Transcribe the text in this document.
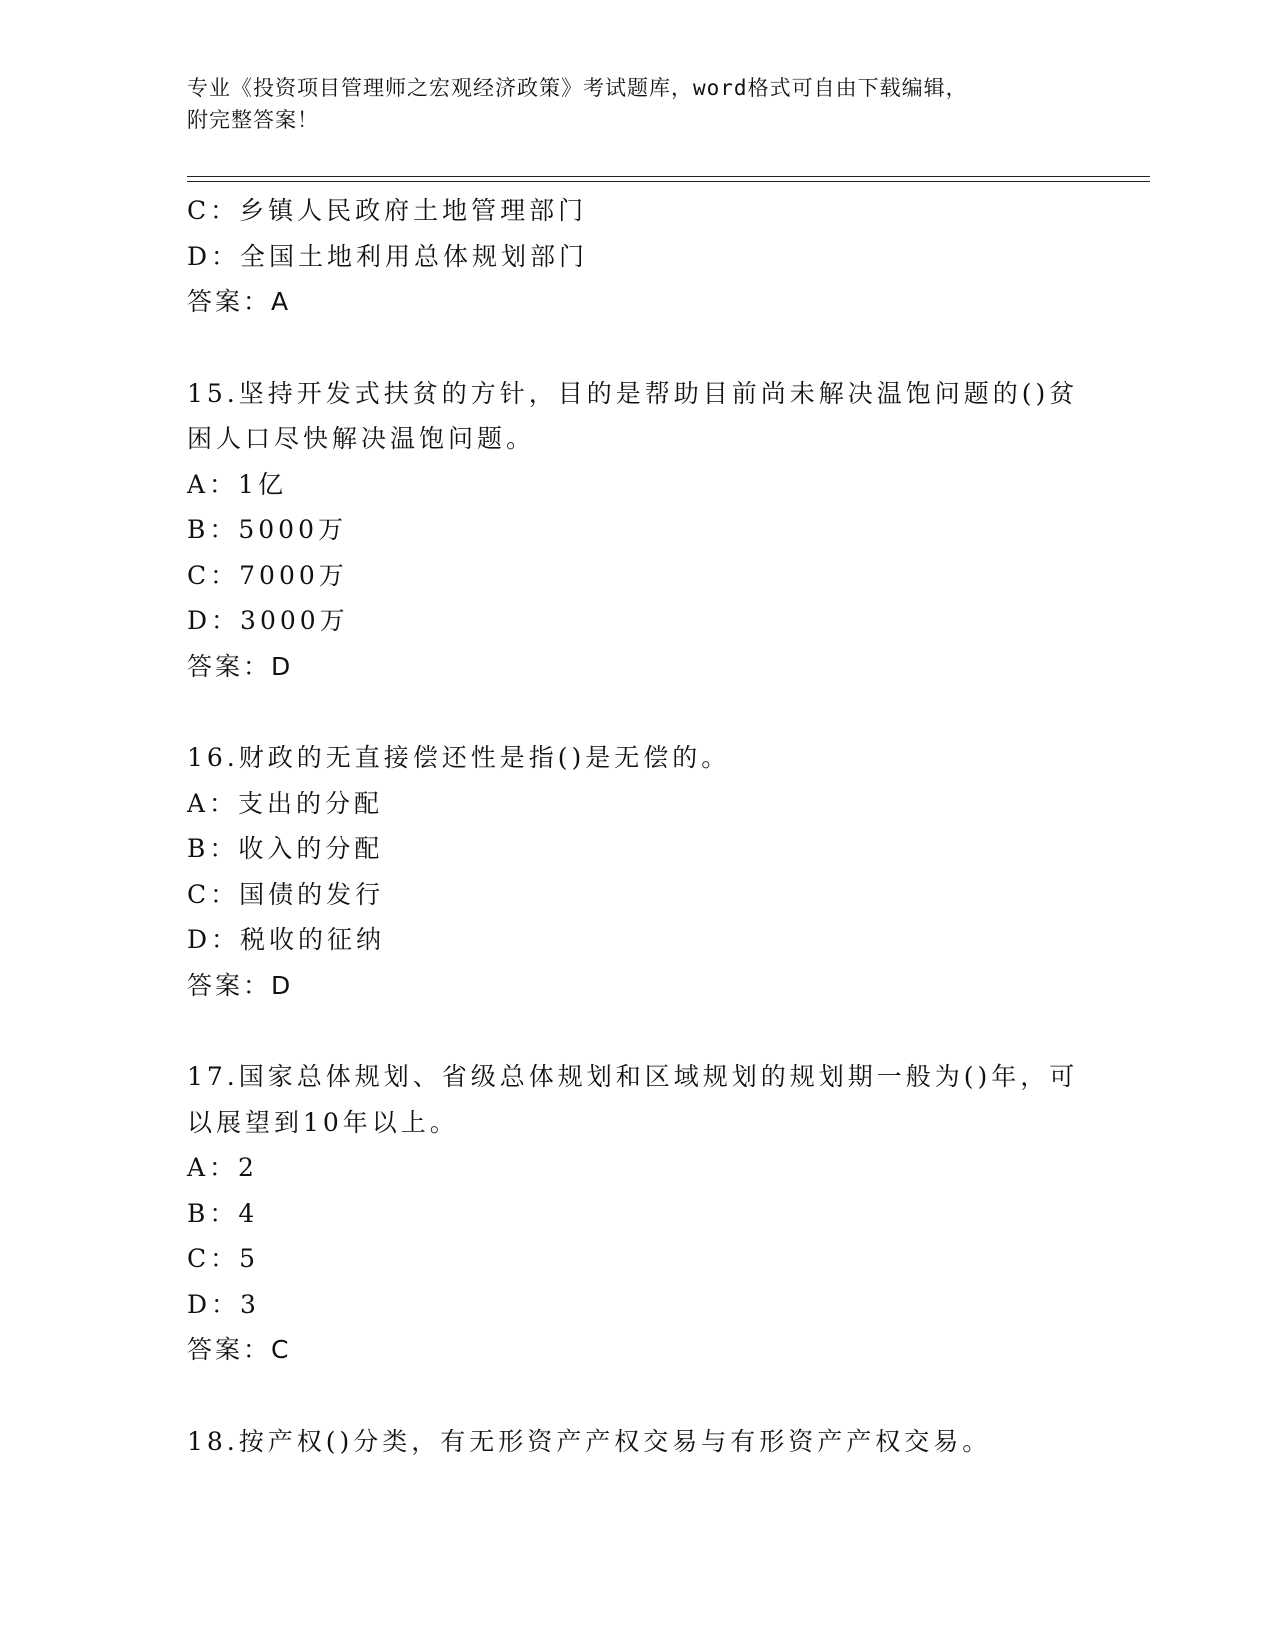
专业《投资项目管理师之宏观经济政策》考试题库，word格式可自由下载编辑，
附完整答案！
C：乡镇人民政府土地管理部门
D：全国土地利用总体规划部门
答案：A
15.坚持开发式扶贫的方针，目的是帮助目前尚未解决温饱问题的()贫
困人口尽快解决温饱问题。
A：1亿
B：5000万
C：7000万
D：3000万
答案：D
16.财政的无直接偿还性是指()是无偿的。
A：支出的分配
B：收入的分配
C：国债的发行
D：税收的征纳
答案：D
17.国家总体规划、省级总体规划和区域规划的规划期一般为()年，可
以展望到10年以上。
A：2
B：4
C：5
D：3
答案：C
18.按产权()分类，有无形资产产权交易与有形资产产权交易。
